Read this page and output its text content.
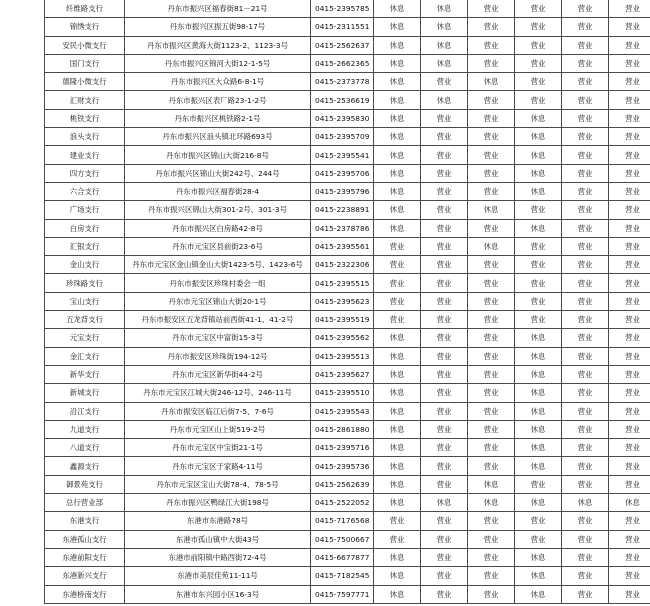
纤维路支行	丹东市振兴区福春街81－21号	0415-2395785	休息	休息	营业	营业	营业	营业
锦绣支行	丹东市振兴区振五街98-17号	0415-2311551	休息	休息	营业	营业	营业	营业
安民小微支行	丹东市振兴区黄海大街1123-2、1123-3号	0415-2562637	休息	休息	营业	营业	营业	营业
国门支行	丹东市振兴区锦河大街12-1-5号	0415-2662365	休息	休息	营业	营业	营业	营业
德隆小微支行	丹东市振兴区大众路6-8-1号	0415-2373778	休息	营业	休息	营业	营业	营业
汇财支行	丹东市振兴区表厂路23-1-2号	0415-2536619	休息	休息	营业	营业	营业	营业
桃铁支行	丹东市振兴区桃铁路2-1号	0415-2395830	休息	营业	营业	休息	营业	营业
浪头支行	丹东市振兴区浪头镇北环路693号	0415-2395709	休息	营业	营业	休息	营业	营业
建业支行	丹东市振兴区锦山大街216-8号	0415-2395541	休息	营业	营业	休息	营业	营业
四方支行	丹东市振兴区锦山大街242号、244号	0415-2395706	休息	营业	营业	休息	营业	营业
六合支行	丹东市振兴区福春街28-4	0415-2395796	休息	营业	营业	休息	营业	营业
广场支行	丹东市振兴区锦山大街301-2号、301-3号	0415-2238891	休息	营业	休息	营业	营业	营业
白房支行	丹东市振兴区白房路42-8号	0415-2378786	休息	营业	营业	休息	营业	营业
汇银支行	丹东市元宝区县前街23-6号	0415-2395561	营业	营业	休息	营业	营业	营业
金山支行	丹东市元宝区金山镇金山大街1423-5号、1423-6号	0415-2322306	营业	营业	营业	营业	营业	营业
珍珠路支行	丹东市振安区珍珠村委会一组	0415-2395515	营业	营业	营业	营业	营业	营业
宝山支行	丹东市元宝区锦山大街20-1号	0415-2395623	营业	营业	营业	营业	营业	营业
五龙背支行	丹东市振安区五龙背镇站前西街41-1、41-2号	0415-2395519	营业	营业	营业	营业	营业	营业
元宝支行	丹东市元宝区中富街15-3号	0415-2395562	休息	营业	营业	休息	营业	营业
金汇支行	丹东市振安区珍珠街194-12号	0415-2395513	休息	营业	营业	休息	营业	营业
新华支行	丹东市元宝区新华街44-2号	0415-2395627	休息	营业	营业	休息	营业	营业
新城支行	丹东市元宝区江城大街246-12号、246-11号	0415-2395510	休息	营业	营业	休息	营业	营业
沿江支行	丹东市振安区临江后街7-5、7-6号	0415-2395543	休息	营业	营业	休息	营业	营业
九道支行	丹东市元宝区山上街519-2号	0415-2861880	休息	营业	营业	休息	营业	营业
八道支行	丹东市元宝区中宝街21-1号	0415-2395716	休息	营业	营业	休息	营业	营业
鑫源支行	丹东市元宝区于家路4-11号	0415-2395736	休息	营业	营业	休息	营业	营业
御景苑支行	丹东市元宝区宝山大街78-4、78-5号	0415-2562639	休息	营业	休息	营业	营业	营业
总行营业部	丹东市振兴区鸭绿江大街198号	0415-2522052	休息	休息	休息	休息	休息	休息
东港支行	东港市东港路78号	0415-7176568	营业	营业	营业	营业	营业	营业
东港孤山支行	东港市孤山镇中大街43号	0415-7500667	营业	营业	营业	营业	营业	营业
东港前阳支行	东港市前阳镇中路西街72-4号	0415-6677877	休息	营业	营业	休息	营业	营业
东港新兴支行	东港市美辰佳苑11-11号	0415-7182545	休息	营业	营业	休息	营业	营业
东港桥南支行	东港市东兴园小区16-3号	0415-7597771	休息	营业	营业	休息	营业	营业
